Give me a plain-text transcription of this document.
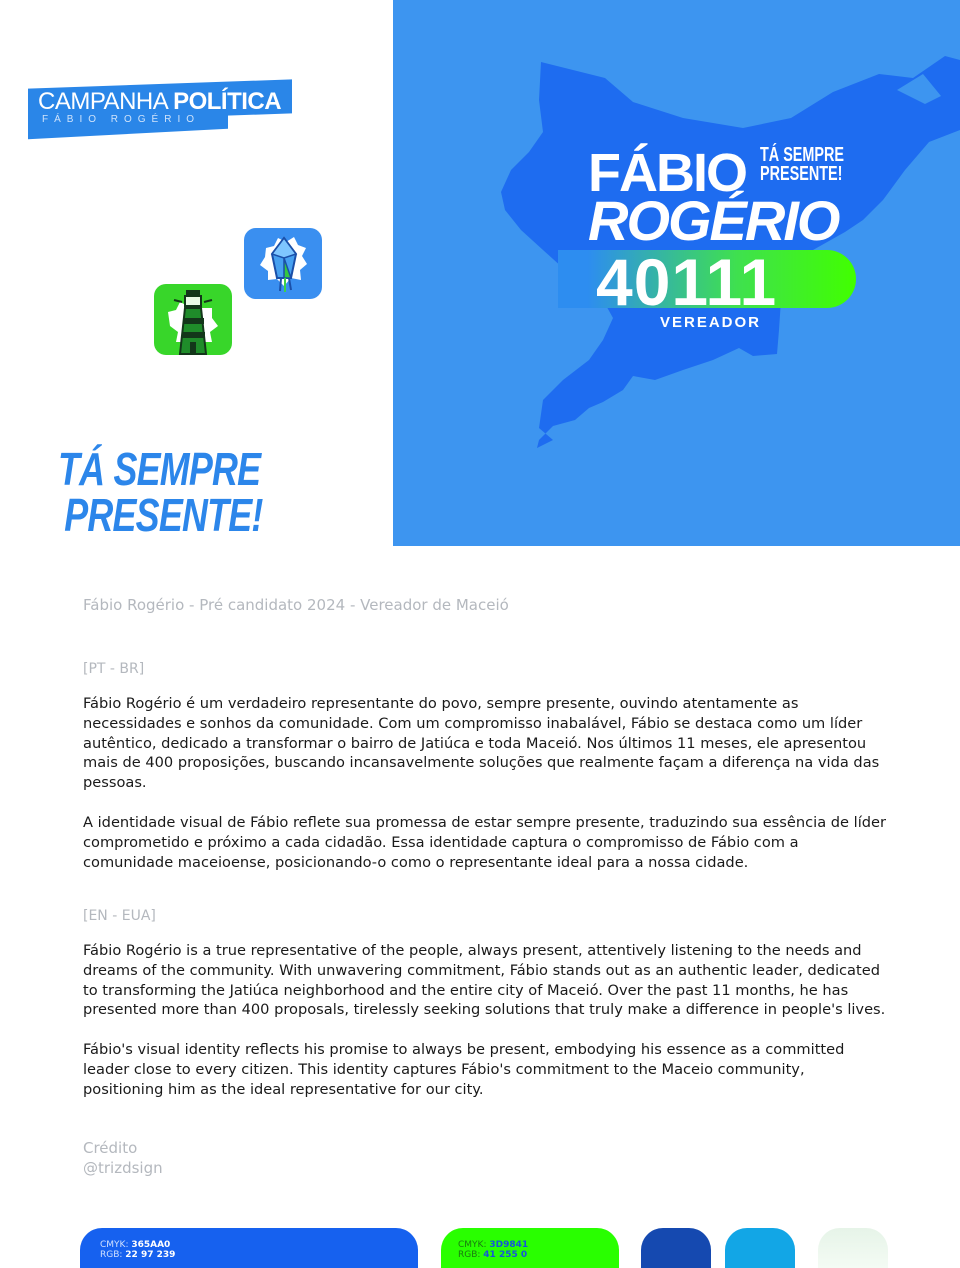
CAMPANHA POLÍTICA
FÁBIO ROGÉRIO
TÁ SEMPRE
PRESENTE!
FÁBIO
ROGÉRIO
TÁ SEMPRE
PRESENTE!
40111
VEREADOR
Fábio Rogério - Pré candidato 2024 - Vereador de Maceió
[PT - BR]

Fábio Rogério é um verdadeiro representante do povo, sempre presente, ouvindo atentamente as necessidades e sonhos da comunidade. Com um compromisso inabalável, Fábio se destaca como um líder autêntico, dedicado a transformar o bairro de Jatiúca e toda Maceió. Nos últimos 11 meses, ele apresentou mais de 400 proposições, buscando incansavelmente soluções que realmente façam a diferença na vida das pessoas.

A identidade visual de Fábio reflete sua promessa de estar sempre presente, traduzindo sua essência de líder comprometido e próximo a cada cidadão. Essa identidade captura o compromisso de Fábio com a comunidade maceioense, posicionando-o como o representante ideal para a nossa cidade.

[EN - EUA]

Fábio Rogério is a true representative of the people, always present, attentively listening to the needs and dreams of the community. With unwavering commitment, Fábio stands out as an authentic leader, dedicated to transforming the Jatiúca neighborhood and the entire city of Maceió. Over the past 11 months, he has presented more than 400 proposals, tirelessly seeking solutions that truly make a difference in people's lives.

Fábio's visual identity reflects his promise to always be present, embodying his essence as a committed leader close to every citizen. This identity captures Fábio's commitment to the Maceio community, positioning him as the ideal representative for our city.

Crédito
@trizdsign
CMYK: 365AA0
RGB: 22 97 239
CMYK: 3D9841
RGB: 41 255 0
